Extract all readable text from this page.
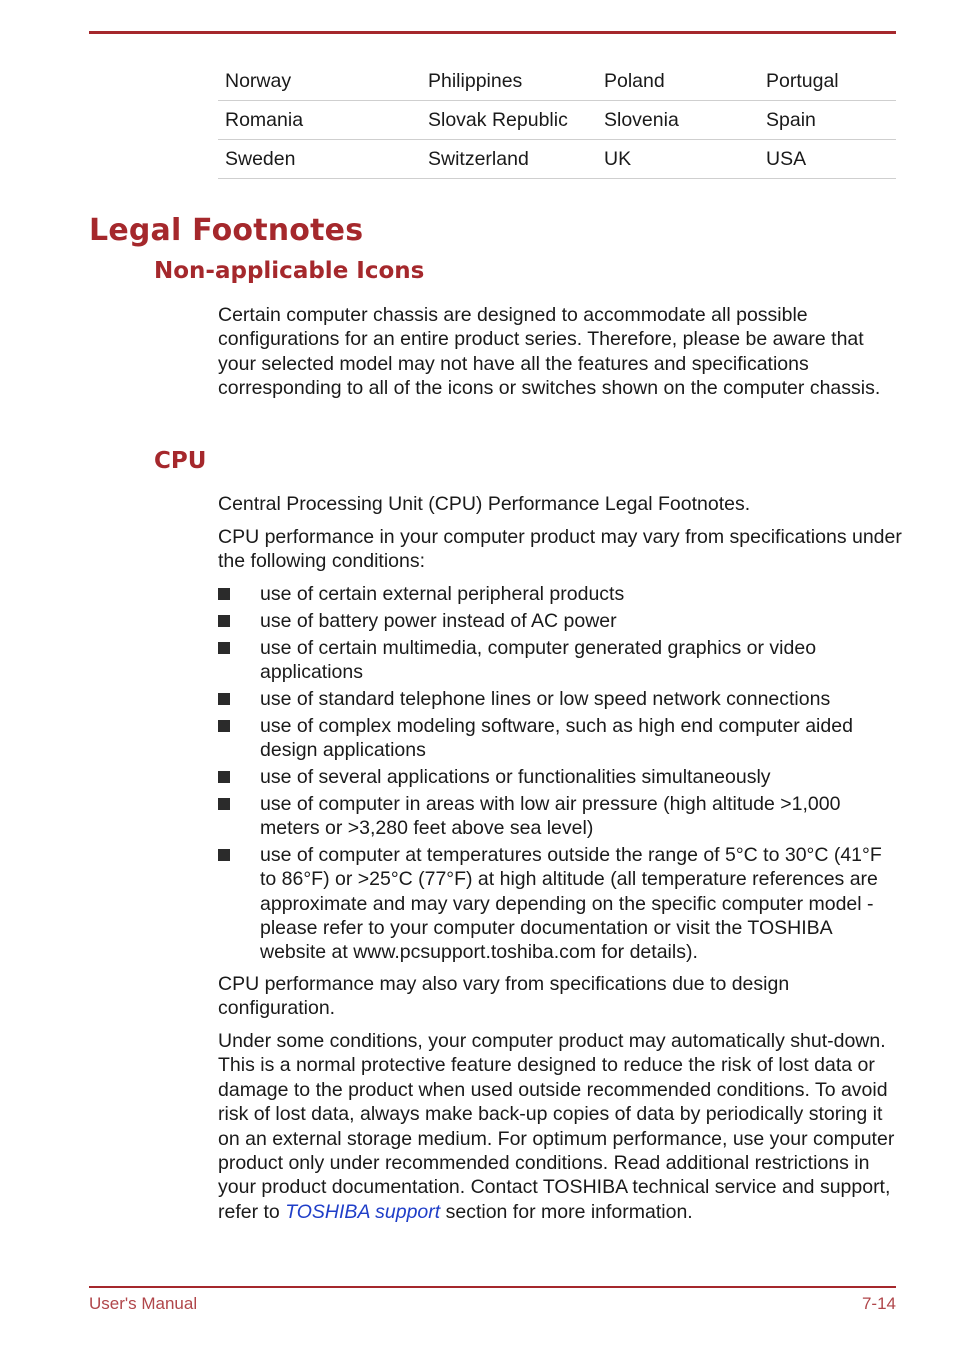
Norway	Philippines	Poland	Portugal
Romania	Slovak Republic	Slovenia	Spain
Sweden	Switzerland	UK	USA
Legal Footnotes
Non-applicable Icons

Certain computer chassis are designed to accommodate all possible configurations for an entire product series. Therefore, please be aware that your selected model may not have all the features and specifications corresponding to all of the icons or switches shown on the computer chassis.

CPU

Central Processing Unit (CPU) Performance Legal Footnotes.

CPU performance in your computer product may vary from specifications under the following conditions:

use of certain external peripheral products
use of battery power instead of AC power
use of certain multimedia, computer generated graphics or video applications
use of standard telephone lines or low speed network connections
use of complex modeling software, such as high end computer aided design applications
use of several applications or functionalities simultaneously
use of computer in areas with low air pressure (high altitude >1,000 meters or >3,280 feet above sea level)
use of computer at temperatures outside the range of 5°C to 30°C (41°F to 86°F) or >25°C (77°F) at high altitude (all temperature references are approximate and may vary depending on the specific computer model - please refer to your computer documentation or visit the TOSHIBA website at www.pcsupport.toshiba.com for details).

CPU performance may also vary from specifications due to design configuration.

Under some conditions, your computer product may automatically shut-down. This is a normal protective feature designed to reduce the risk of lost data or damage to the product when used outside recommended conditions. To avoid risk of lost data, always make back-up copies of data by periodically storing it on an external storage medium. For optimum performance, use your computer product only under recommended conditions. Read additional restrictions in your product documentation. Contact TOSHIBA technical service and support, refer to TOSHIBA support section for more information.

User's Manual	7-14
